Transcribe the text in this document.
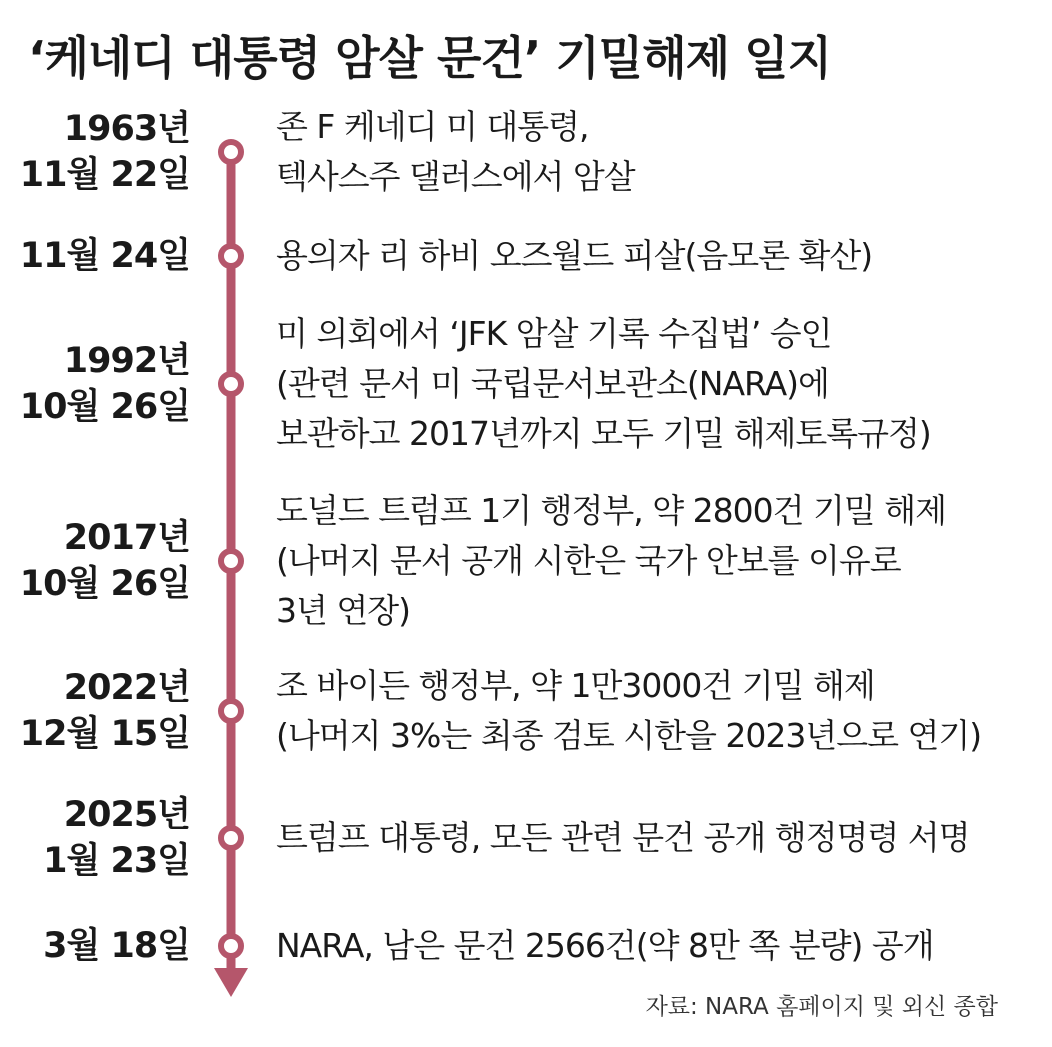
‘케네디 대통령 암살 문건’ 기밀해제 일지
1963년
11월 22일
존 F 케네디 미 대통령,
텍사스주 댈러스에서 암살
11월 24일	용의자 리 하비 오즈월드 피살(음모론 확산)
1992년
10월 26일
미 의회에서 ‘JFK 암살 기록 수집법’ 승인
(관련 문서 미 국립문서보관소(NARA)에
보관하고 2017년까지 모두 기밀 해제토록규정)
2017년
10월 26일
도널드 트럼프 1기 행정부, 약 2800건 기밀 해제
(나머지 문서 공개 시한은 국가 안보를 이유로
3년 연장)
2022년
12월 15일
조 바이든 행정부, 약 1만3000건 기밀 해제
(나머지 3%는 최종 검토 시한을 2023년으로 연기)
2025년
1월 23일
트럼프 대통령, 모든 관련 문건 공개 행정명령 서명
3월 18일	NARA, 남은 문건 2566건(약 8만 쪽 분량) 공개
자료: NARA 홈페이지 및 외신 종합
